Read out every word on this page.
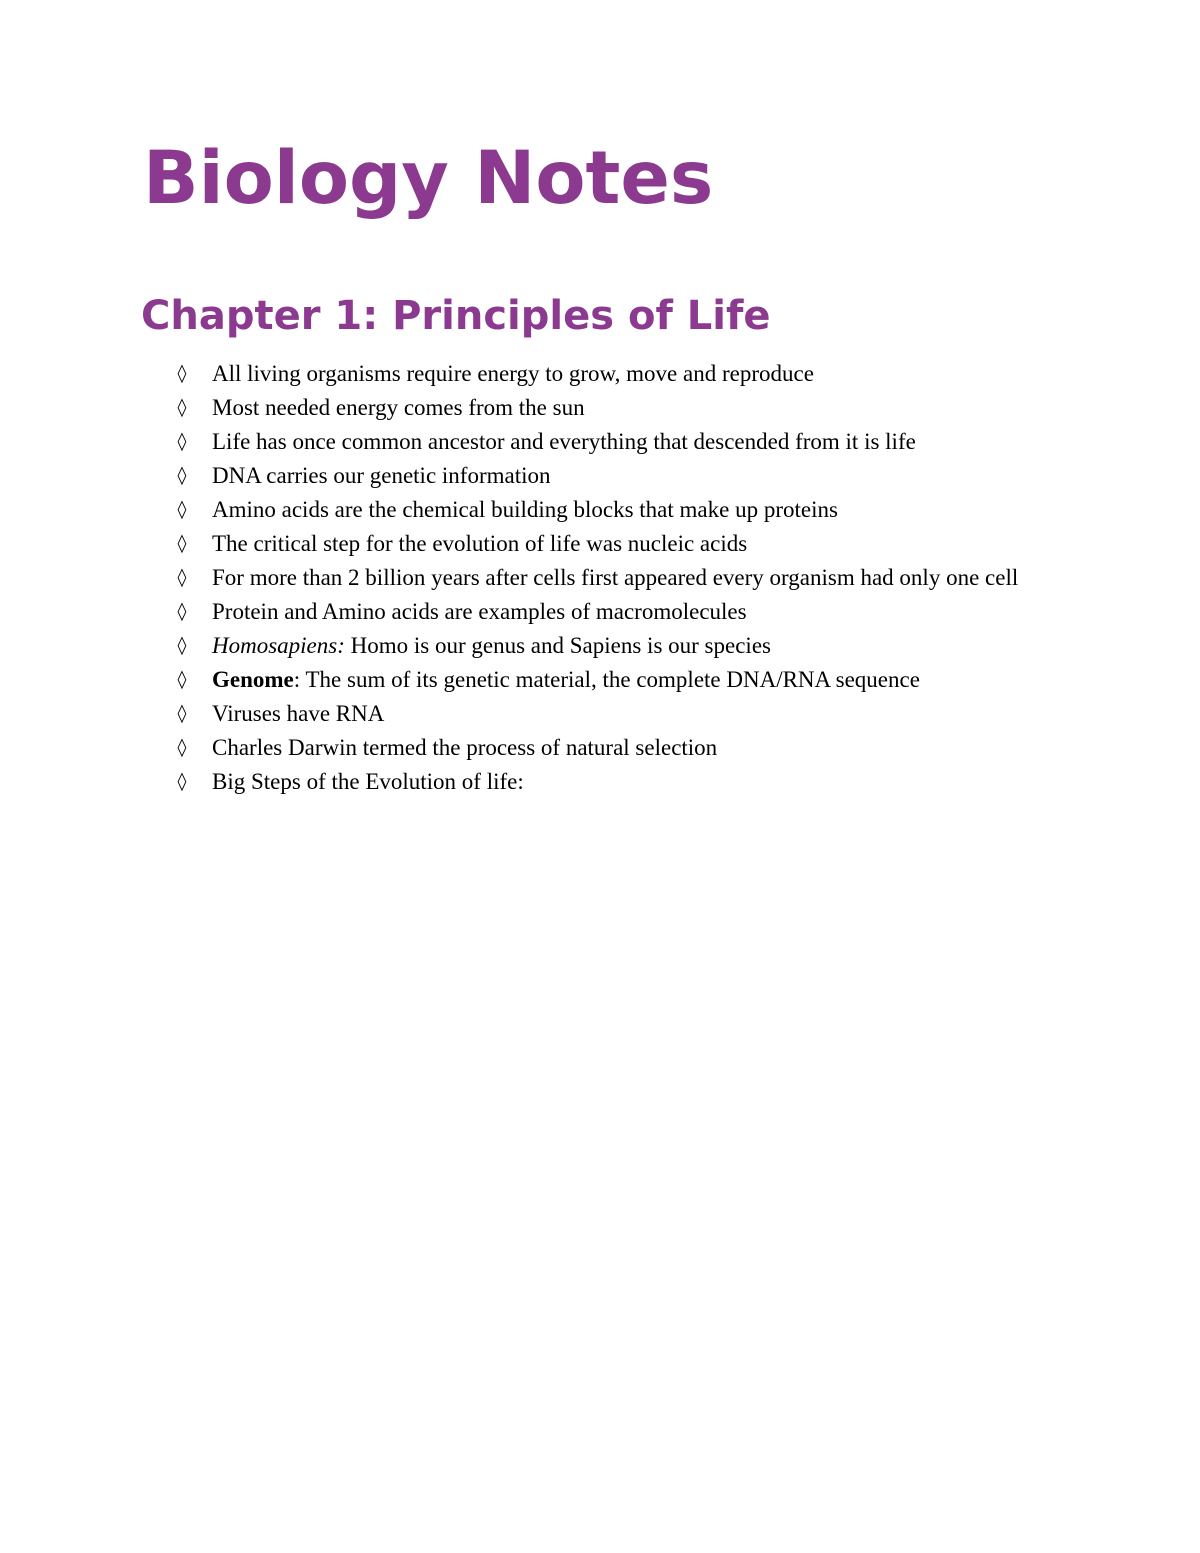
Biology Notes
Chapter 1: Principles of Life
◊ All living organisms require energy to grow, move and reproduce
◊ Most needed energy comes from the sun
◊ Life has once common ancestor and everything that descended from it is life
◊ DNA carries our genetic information
◊ Amino acids are the chemical building blocks that make up proteins
◊ The critical step for the evolution of life was nucleic acids
◊ For more than 2 billion years after cells first appeared every organism had only one cell
◊ Protein and Amino acids are examples of macromolecules
◊ Homosapiens: Homo is our genus and Sapiens is our species
◊ Genome: The sum of its genetic material, the complete DNA/RNA sequence
◊ Viruses have RNA
◊ Charles Darwin termed the process of natural selection
◊ Big Steps of the Evolution of life:
